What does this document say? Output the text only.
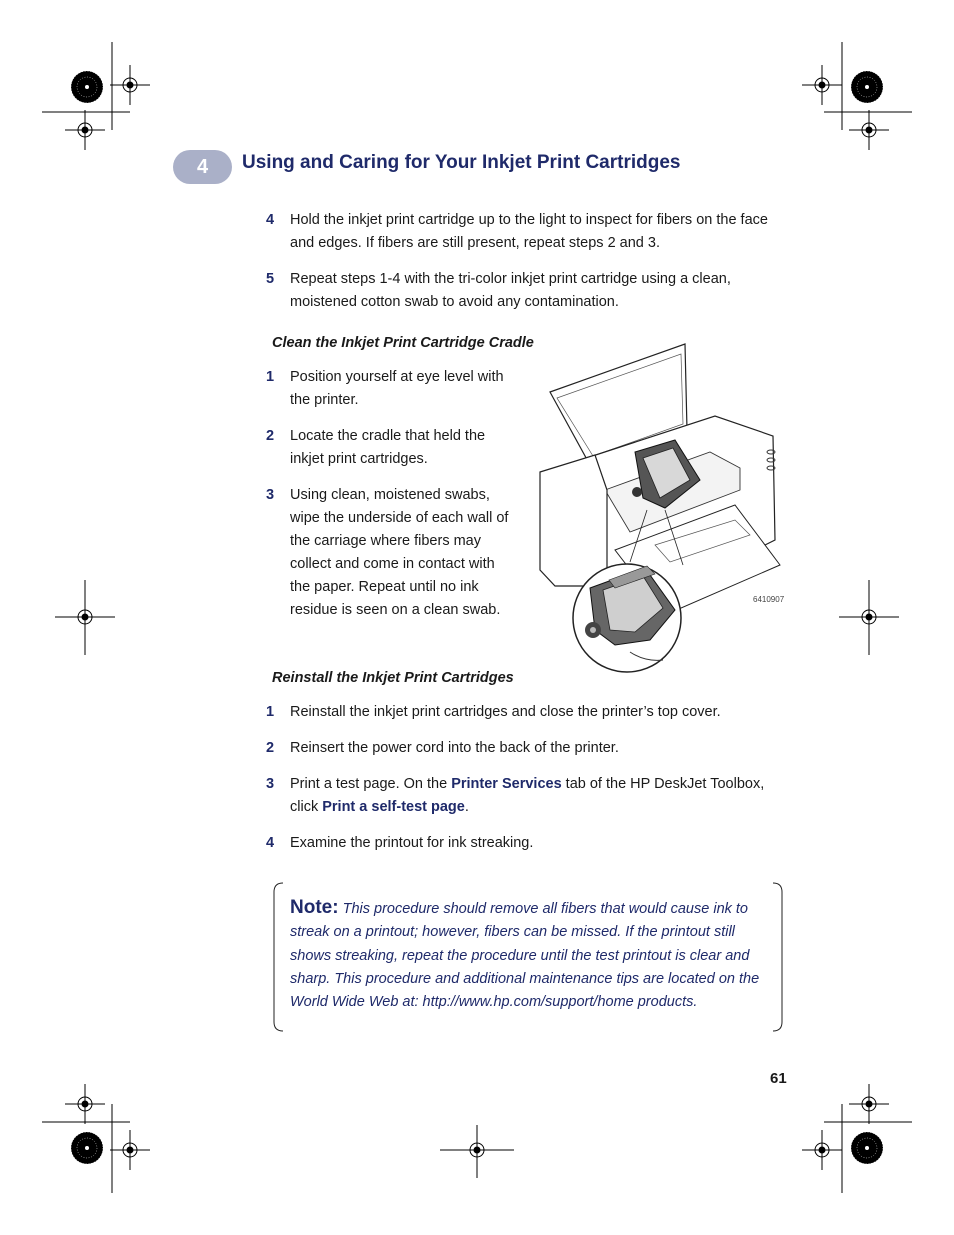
4	Using and Caring for Your Inkjet Print Cartridges
4 Hold the inkjet print cartridge up to the light to inspect for fibers on the face and edges. If fibers are still present, repeat steps 2 and 3.
5 Repeat steps 1-4 with the tri-color inkjet print cartridge using a clean, moistened cotton swab to avoid any contamination.
Clean the Inkjet Print Cartridge Cradle
1 Position yourself at eye level with the printer.
2 Locate the cradle that held the inkjet print cartridges.
3 Using clean, moistened swabs, wipe the underside of each wall of the carriage where fibers may collect and come in contact with the paper. Repeat until no ink residue is seen on a clean swab.
6410907
Reinstall the Inkjet Print Cartridges
1 Reinstall the inkjet print cartridges and close the printer’s top cover.
2 Reinsert the power cord into the back of the printer.
3 Print a test page. On the Printer Services tab of the HP DeskJet Toolbox, click Print a self-test page.
4 Examine the printout for ink streaking.
Note: This procedure should remove all fibers that would cause ink to streak on a printout; however, fibers can be missed. If the printout still shows streaking, repeat the procedure until the test printout is clear and sharp. This procedure and additional maintenance tips are located on the World Wide Web at: http://www.hp.com/support/home products.
61
